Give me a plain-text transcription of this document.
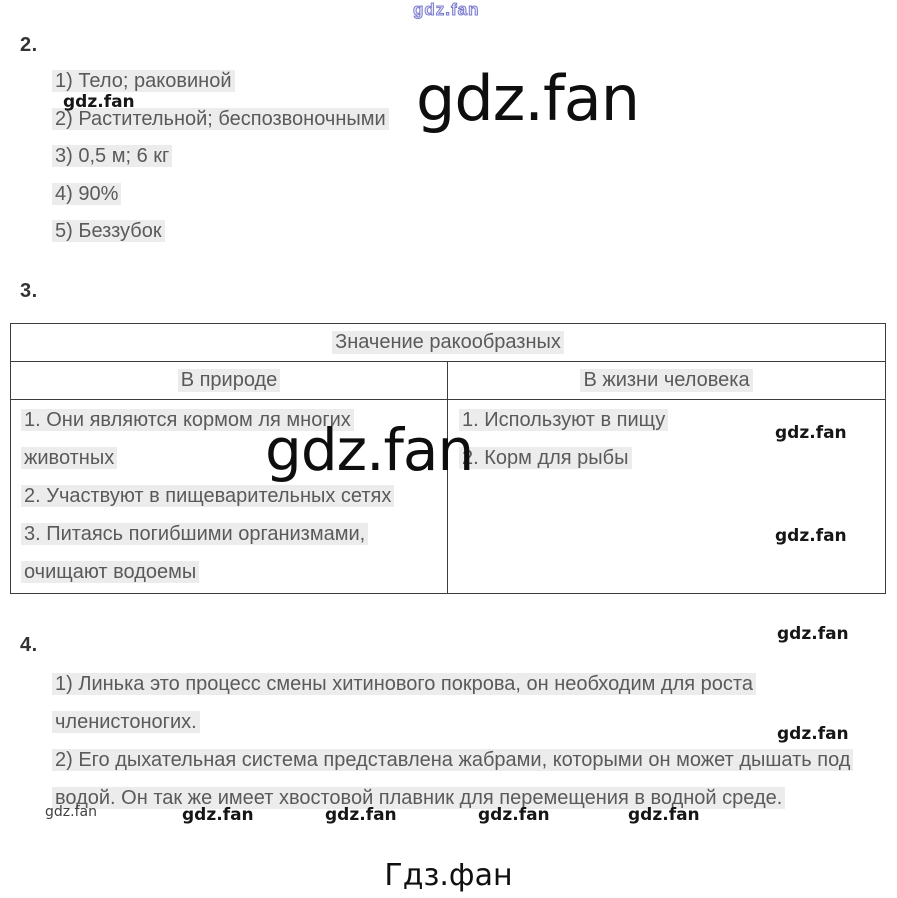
gdz.fan
2.
1) Тело; раковиной
2) Растительной; беспозвоночными
3) 0,5 м; 6 кг
4) 90%
5) Беззубок
gdz.fan	gdz.fan
3.
Значение ракообразных
В природе	В жизни человека
1. Они являются кормом ля многих животных
2. Участвуют в пищеварительных сетях
3. Питаясь погибшими организмами, очищают водоемы
1. Используют в пищу
2. Корм для рыбы
gdz.fan	gdz.fan
gdz.fan
gdz.fan
4.
1) Линька это процесс смены хитинового покрова, он необходим для роста членистоногих.
gdz.fan
2) Его дыхательная система представлена жабрами, которыми он может дышать под водой. Он так же имеет хвостовой плавник для перемещения в водной среде.
gdz.fan	gdz.fan	gdz.fan	gdz.fan	gdz.fan
Гдз.фан
